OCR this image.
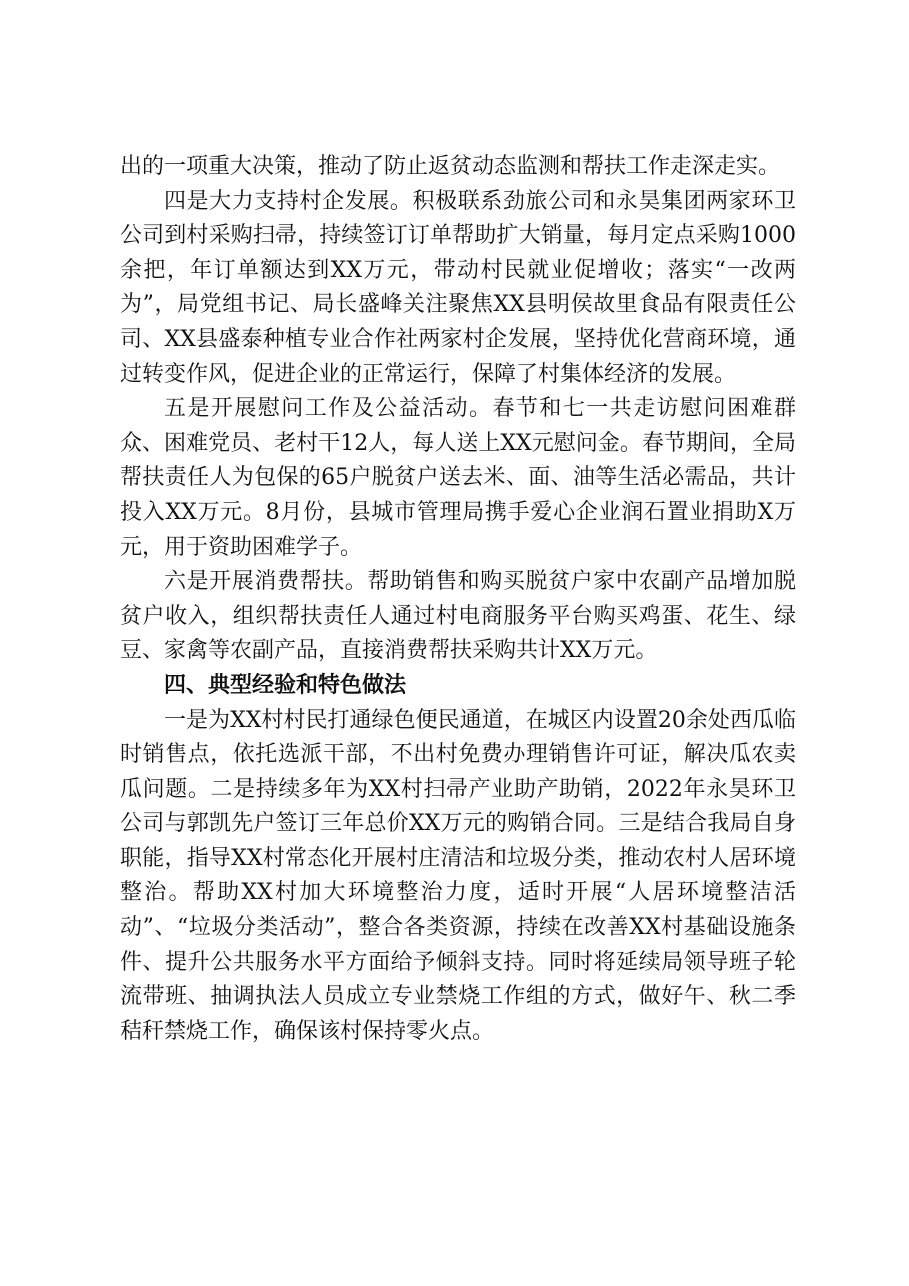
出的一项重大决策，推动了防止返贫动态监测和帮扶工作走深走实。

四是大力支持村企发展。积极联系劲旅公司和永昊集团两家环卫公司到村采购扫帚，持续签订订单帮助扩大销量，每月定点采购1000余把，年订单额达到XX万元，带动村民就业促增收；落实“一改两为”，局党组书记、局长盛峰关注聚焦XX县明侯故里食品有限责任公司、XX县盛泰种植专业合作社两家村企发展，坚持优化营商环境，通过转变作风，促进企业的正常运行，保障了村集体经济的发展。

五是开展慰问工作及公益活动。春节和七一共走访慰问困难群众、困难党员、老村干12人，每人送上XX元慰问金。春节期间，全局帮扶责任人为包保的65户脱贫户送去米、面、油等生活必需品，共计投入XX万元。8月份，县城市管理局携手爱心企业润石置业捐助X万元，用于资助困难学子。

六是开展消费帮扶。帮助销售和购买脱贫户家中农副产品增加脱贫户收入，组织帮扶责任人通过村电商服务平台购买鸡蛋、花生、绿豆、家禽等农副产品，直接消费帮扶采购共计XX万元。

四、典型经验和特色做法

一是为XX村村民打通绿色便民通道，在城区内设置20余处西瓜临时销售点，依托选派干部，不出村免费办理销售许可证，解决瓜农卖瓜问题。二是持续多年为XX村扫帚产业助产助销，2022年永昊环卫公司与郭凯先户签订三年总价XX万元的购销合同。三是结合我局自身职能，指导XX村常态化开展村庄清洁和垃圾分类，推动农村人居环境整治。帮助XX村加大环境整治力度，适时开展“人居环境整洁活动”、“垃圾分类活动”，整合各类资源，持续在改善XX村基础设施条件、提升公共服务水平方面给予倾斜支持。同时将延续局领导班子轮流带班、抽调执法人员成立专业禁烧工作组的方式，做好午、秋二季秸秆禁烧工作，确保该村保持零火点。
